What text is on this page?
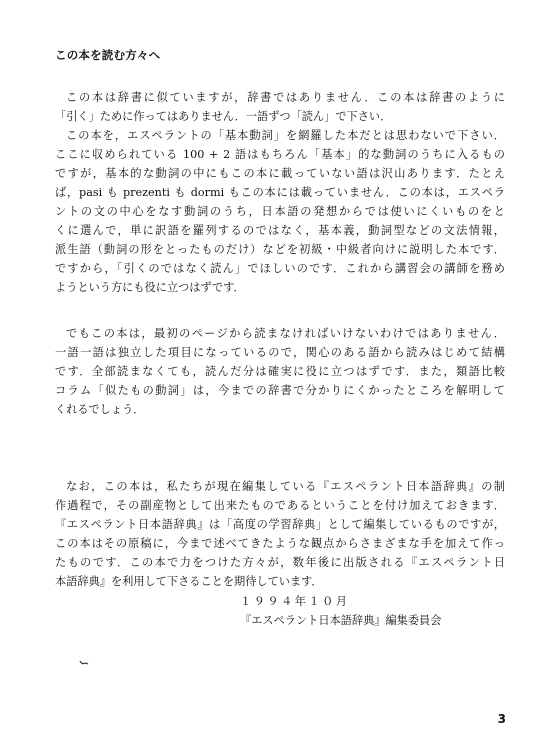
この本を読む方々へ
この本は辞書に似ていますが，辞書ではありません．この本は辞書のように
「引く」ために作ってはありません．一語ずつ「読ん」で下さい．
この本を，エスペラントの「基本動詞」を網羅した本だとは思わないで下さい．
ここに収められている 100 + 2 語はもちろん「基本」的な動詞のうちに入るもの
ですが，基本的な動詞の中にもこの本に載っていない語は沢山あります．たとえ
ば，pasi も prezenti も dormi もこの本には載っていません．この本は，エスペラ
ントの文の中心をなす動詞のうち，日本語の発想からでは使いにくいものをと
くに選んで，単に訳語を羅列するのではなく，基本義，動詞型などの文法情報，
派生語（動詞の形をとったものだけ）などを初級・中級者向けに説明した本です．
ですから，「引くのではなく読ん」でほしいのです．これから講習会の講師を務め
ようという方にも役に立つはずです．
でもこの本は，最初のページから読まなければいけないわけではありません．
一語一語は独立した項目になっているので，関心のある語から読みはじめて結構
です．全部読まなくても，読んだ分は確実に役に立つはずです．また，類語比較
コラム「似たもの動詞」は，今までの辞書で分かりにくかったところを解明して
くれるでしょう．
なお，この本は，私たちが現在編集している『エスペラント日本語辞典』の制
作過程で，その副産物として出来たものであるということを付け加えておきます．
『エスペラント日本語辞典』は「高度の学習辞典」として編集しているものですが，
この本はその原稿に，今まで述べてきたような観点からさまざまな手を加えて作っ
たものです．この本で力をつけた方々が，数年後に出版される『エスペラント日
本語辞典』を利用して下さることを期待しています．
１９９４年１０月
『エスペラント日本語辞典』編集委員会
3
